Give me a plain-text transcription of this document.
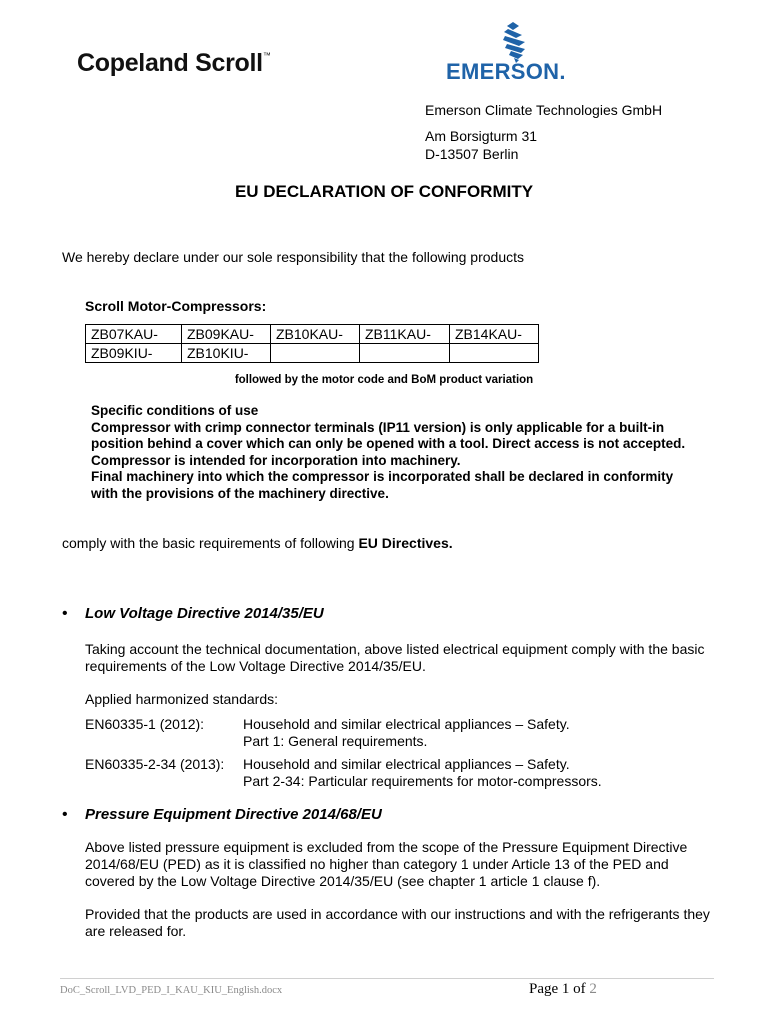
Copeland Scroll™
EMERSON.
Emerson Climate Technologies GmbH
Am Borsigturm 31
D-13507 Berlin
EU DECLARATION OF CONFORMITY
We hereby declare under our sole responsibility that the following products
Scroll Motor-Compressors:
ZB07KAU-	ZB09KAU-	ZB10KAU-	ZB11KAU-	ZB14KAU-
ZB09KIU-	ZB10KIU-			
followed by the motor code and BoM product variation
Specific conditions of use
Compressor with crimp connector terminals (IP11 version) is only applicable for a built-in
position behind a cover which can only be opened with a tool. Direct access is not accepted.
Compressor is intended for incorporation into machinery.
Final machinery into which the compressor is incorporated shall be declared in conformity
with the provisions of the machinery directive.
comply with the basic requirements of following EU Directives.
• Low Voltage Directive 2014/35/EU
Taking account the technical documentation, above listed electrical equipment comply with the basic
requirements of the Low Voltage Directive 2014/35/EU.
Applied harmonized standards:
EN60335-1 (2012):	Household and similar electrical appliances – Safety.
Part 1: General requirements.
EN60335-2-34 (2013): Household and similar electrical appliances – Safety.
Part 2-34: Particular requirements for motor-compressors.
• Pressure Equipment Directive 2014/68/EU
Above listed pressure equipment is excluded from the scope of the Pressure Equipment Directive
2014/68/EU (PED) as it is classified no higher than category 1 under Article 13 of the PED and
covered by the Low Voltage Directive 2014/35/EU (see chapter 1 article 1 clause f).
Provided that the products are used in accordance with our instructions and with the refrigerants they
are released for.
DoC_Scroll_LVD_PED_I_KAU_KIU_English.docx	Page 1 of 2
